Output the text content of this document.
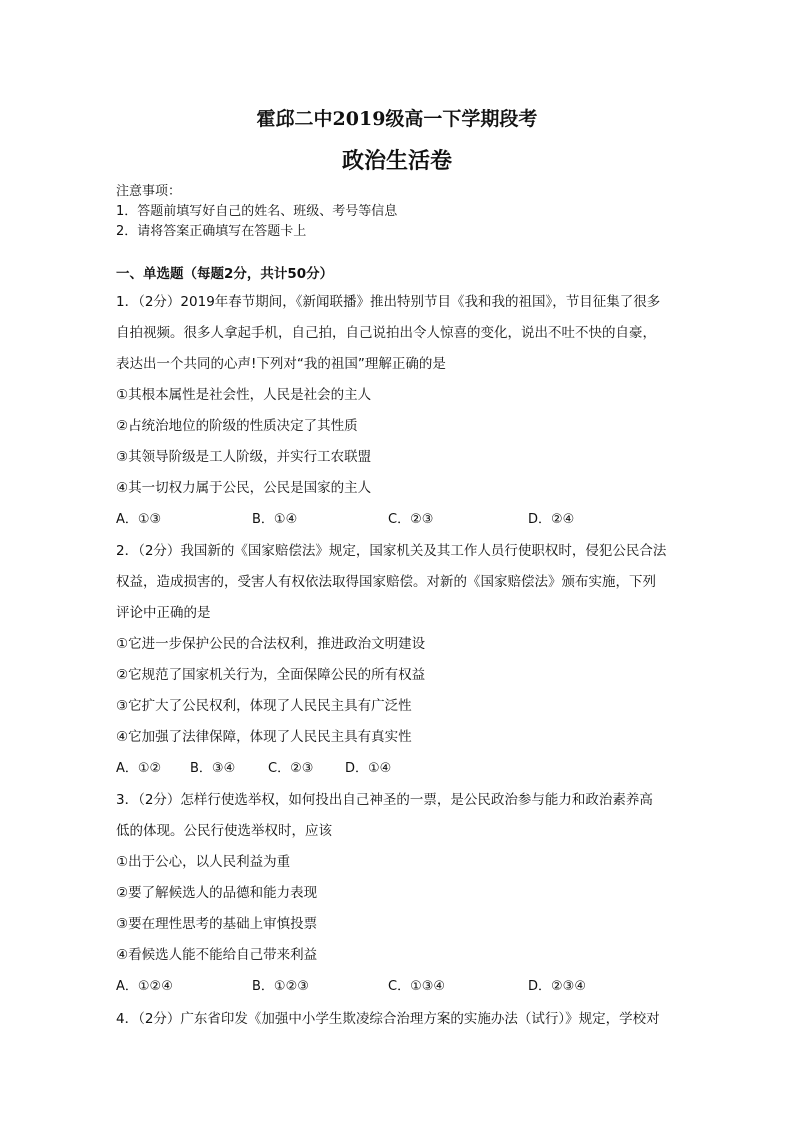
霍邱二中2019级高一下学期段考
政治生活卷
注意事项：
1．答题前填写好自己的姓名、班级、考号等信息
2．请将答案正确填写在答题卡上
一、单选题（每题2分，共计50分）
1．（2分）2019年春节期间，《新闻联播》推出特别节目《我和我的祖国》，节目征集了很多
自拍视频。很多人拿起手机，自己拍，自己说拍出令人惊喜的变化，说出不吐不快的自豪，
表达出一个共同的心声!下列对“我的祖国”理解正确的是
①其根本属性是社会性，人民是社会的主人
②占统治地位的阶级的性质决定了其性质
③其领导阶级是工人阶级，并实行工农联盟
④其一切权力属于公民，公民是国家的主人
A．①③	B．①④	C．②③	D．②④
2．（2分）我国新的《国家赔偿法》规定，国家机关及其工作人员行使职权时，侵犯公民合法
权益，造成损害的，受害人有权依法取得国家赔偿。对新的《国家赔偿法》颁布实施，下列
评论中正确的是
①它进一步保护公民的合法权利，推进政治文明建设
②它规范了国家机关行为，全面保障公民的所有权益
③它扩大了公民权利，体现了人民民主具有广泛性
④它加强了法律保障，体现了人民民主具有真实性
A．①② B．③④	C．②③ D．①④
3．（2分）怎样行使选举权，如何投出自己神圣的一票，是公民政治参与能力和政治素养高
低的体现。公民行使选举权时，应该
①出于公心，以人民利益为重
②要了解候选人的品德和能力表现
③要在理性思考的基础上审慎投票
④看候选人能不能给自己带来利益
A．①②④	B．①②③	C．①③④	D．②③④
4．（2分）广东省印发《加强中小学生欺凌综合治理方案的实施办法（试行）》规定，学校对
